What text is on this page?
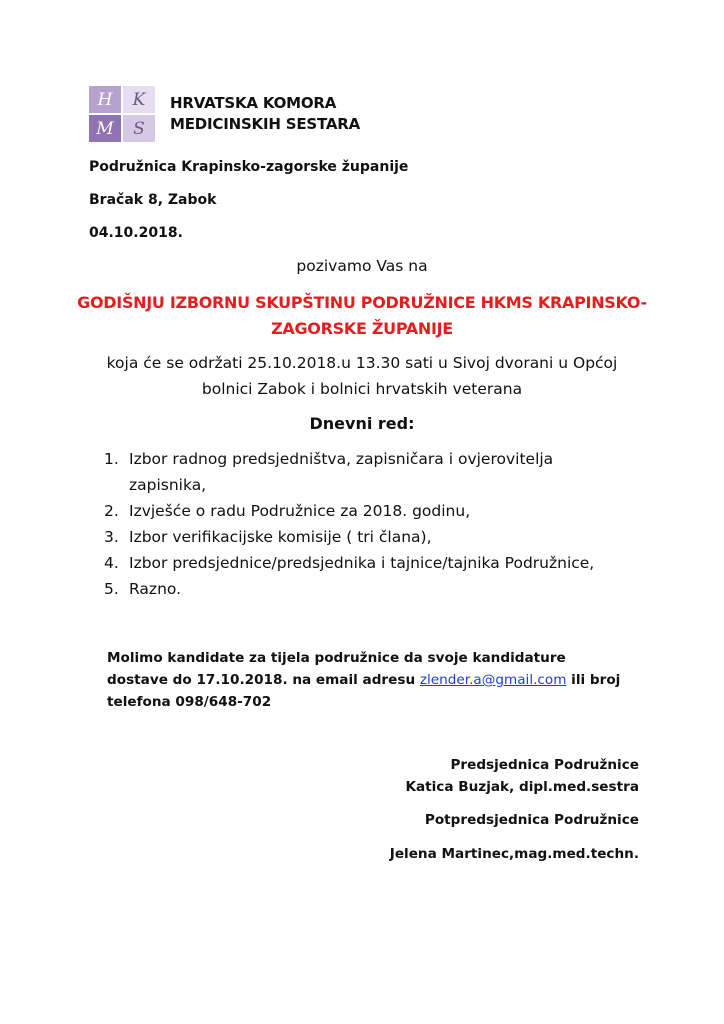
H	K
M	S
HRVATSKA KOMORA
MEDICINSKIH SESTARA
Podružnica Krapinsko-zagorske županije
Bračak 8, Zabok
04.10.2018.
pozivamo Vas na
GODIŠNJU IZBORNU SKUPŠTINU PODRUŽNICE HKMS KRAPINSKO-
ZAGORSKE ŽUPANIJE
koja će se održati 25.10.2018.u 13.30 sati u Sivoj dvorani u Općoj
bolnici Zabok i bolnici hrvatskih veterana
Dnevni red:
1. Izbor radnog predsjedništva, zapisničara i ovjerovitelja zapisnika,
2. Izvješće o radu Podružnice za 2018. godinu,
3. Izbor verifikacijske komisije ( tri člana),
4. Izbor predsjednice/predsjednika i tajnice/tajnika Podružnice,
5. Razno.
Molimo kandidate za tijela podružnice da svoje kandidature dostave do 17.10.2018. na email adresu zlender.a@gmail.com ili broj telefona 098/648-702
Predsjednica Podružnice
Katica Buzjak, dipl.med.sestra
Potpredsjednica Podružnice
Jelena Martinec,mag.med.techn.
